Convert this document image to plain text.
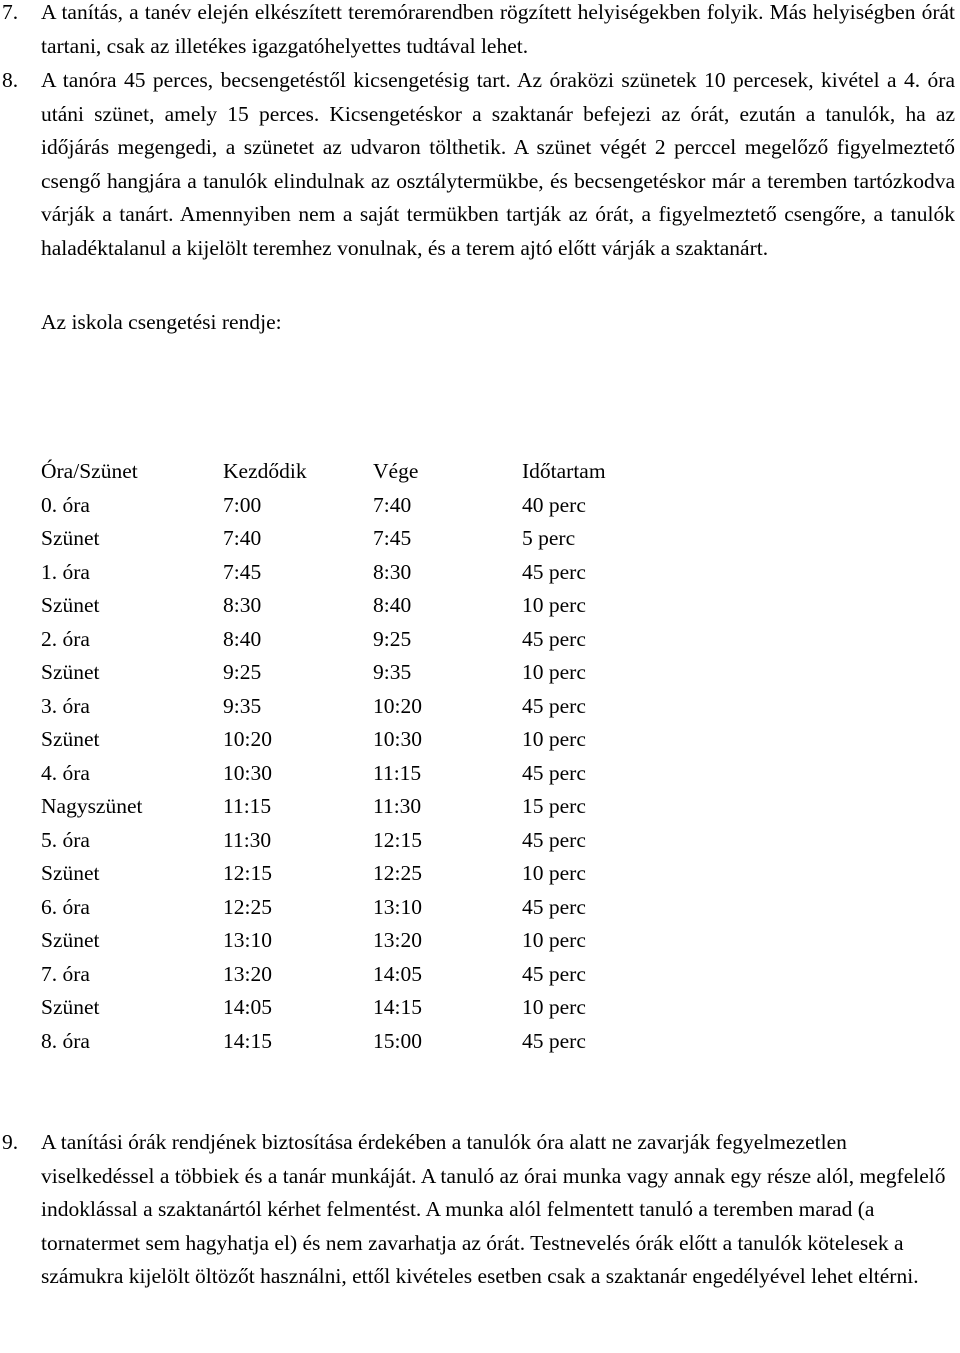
7. A tanítás, a tanév elején elkészített teremórarendben rögzített helyiségekben folyik. Más helyiségben órát tartani, csak az illetékes igazgatóhelyettes tudtával lehet.
8. A tanóra 45 perces, becsengetéstől kicsengetésig tart. Az óraközi szünetek 10 percesek, kivétel a 4. óra utáni szünet, amely 15 perces. Kicsengetéskor a szaktanár befejezi az órát, ezután a tanulók, ha az időjárás megengedi, a szünetet az udvaron tölthetik. A szünet végét 2 perccel megelőző figyelmeztető csengő hangjára a tanulók elindulnak az osztálytermükbe, és becsengetéskor már a teremben tartózkodva várják a tanárt. Amennyiben nem a saját termükben tartják az órát, a figyelmeztető csengőre, a tanulók haladéktalanul a kijelölt teremhez vonulnak, és a terem ajtó előtt várják a szaktanárt.
Az iskola csengetési rendje:
Óra/Szünet	Kezdődik	Vége	Időtartam
0. óra	7:00	7:40	40 perc
Szünet	7:40	7:45	5 perc
1. óra	7:45	8:30	45 perc
Szünet	8:30	8:40	10 perc
2. óra	8:40	9:25	45 perc
Szünet	9:25	9:35	10 perc
3. óra	9:35	10:20	45 perc
Szünet	10:20	10:30	10 perc
4. óra	10:30	11:15	45 perc
Nagyszünet	11:15	11:30	15 perc
5. óra	11:30	12:15	45 perc
Szünet	12:15	12:25	10 perc
6. óra	12:25	13:10	45 perc
Szünet	13:10	13:20	10 perc
7. óra	13:20	14:05	45 perc
Szünet	14:05	14:15	10 perc
8. óra	14:15	15:00	45 perc
9. A tanítási órák rendjének biztosítása érdekében a tanulók óra alatt ne zavarják fegyelmezetlen viselkedéssel a többiek és a tanár munkáját. A tanuló az órai munka vagy annak egy része alól, megfelelő indoklással a szaktanártól kérhet felmentést. A munka alól felmentett tanuló a teremben marad (a tornatermet sem hagyhatja el) és nem zavarhatja az órát. Testnevelés órák előtt a tanulók kötelesek a számukra kijelölt öltözőt használni, ettől kivételes esetben csak a szaktanár engedélyével lehet eltérni.
